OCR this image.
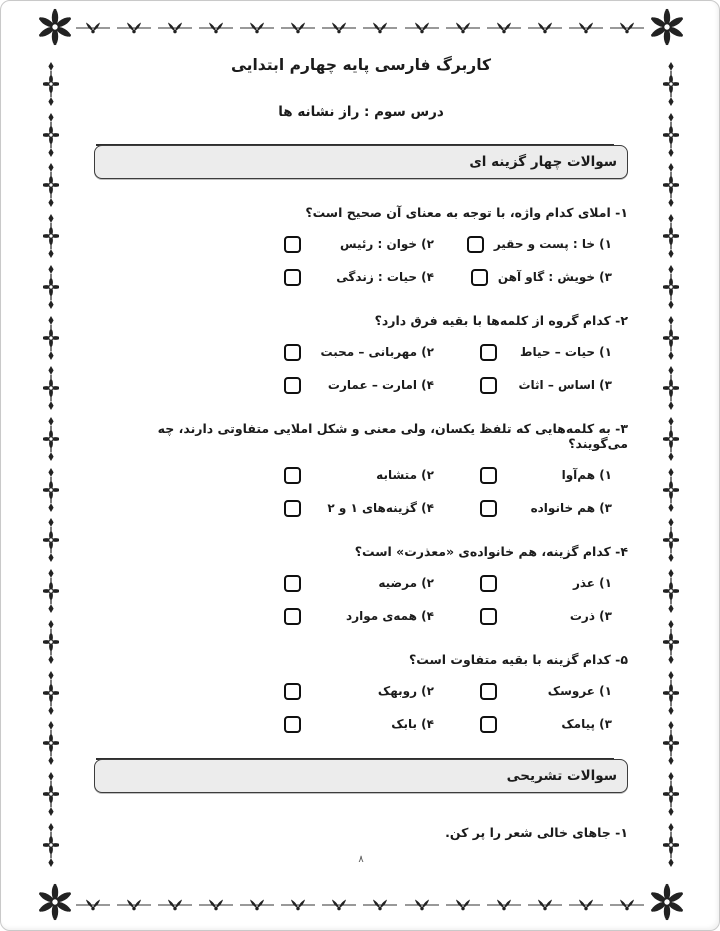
کاربرگ فارسی پایه چهارم ابتدایی
درس سوم : راز نشانه ها
سوالات چهار گزینه ای
۱- املای کدام واژه، با توجه به معنای آن صحیح است؟
۱) خا : پست و حقیر
۲) خوان : رئیس
۳) خویش : گاو آهن
۴) حیات : زندگی
۲- کدام گروه از کلمه‌ها با بقیه فرق دارد؟
۱) حیات – حیاط
۲) مهربانی – محبت
۳) اساس – اثاث
۴) امارت – عمارت
۳- به کلمه‌هایی که تلفظ یکسان، ولی معنی و شکل املایی متفاوتی دارند، چه می‌گویند؟
۱) هم‌آوا
۲) متشابه
۳) هم خانواده
۴) گزینه‌های ۱ و ۲
۴- کدام گزینه، هم خانواده‌ی «معذرت» است؟
۱) عذر
۲) مرضیه
۳) ذرت
۴) همه‌ی موارد
۵- کدام گزینه با بقیه متفاوت است؟
۱) عروسک
۲) روبهک
۳) پیامک
۴) بابک
سوالات تشریحی
۱- جاهای خالی شعر را پر کن.
۸
